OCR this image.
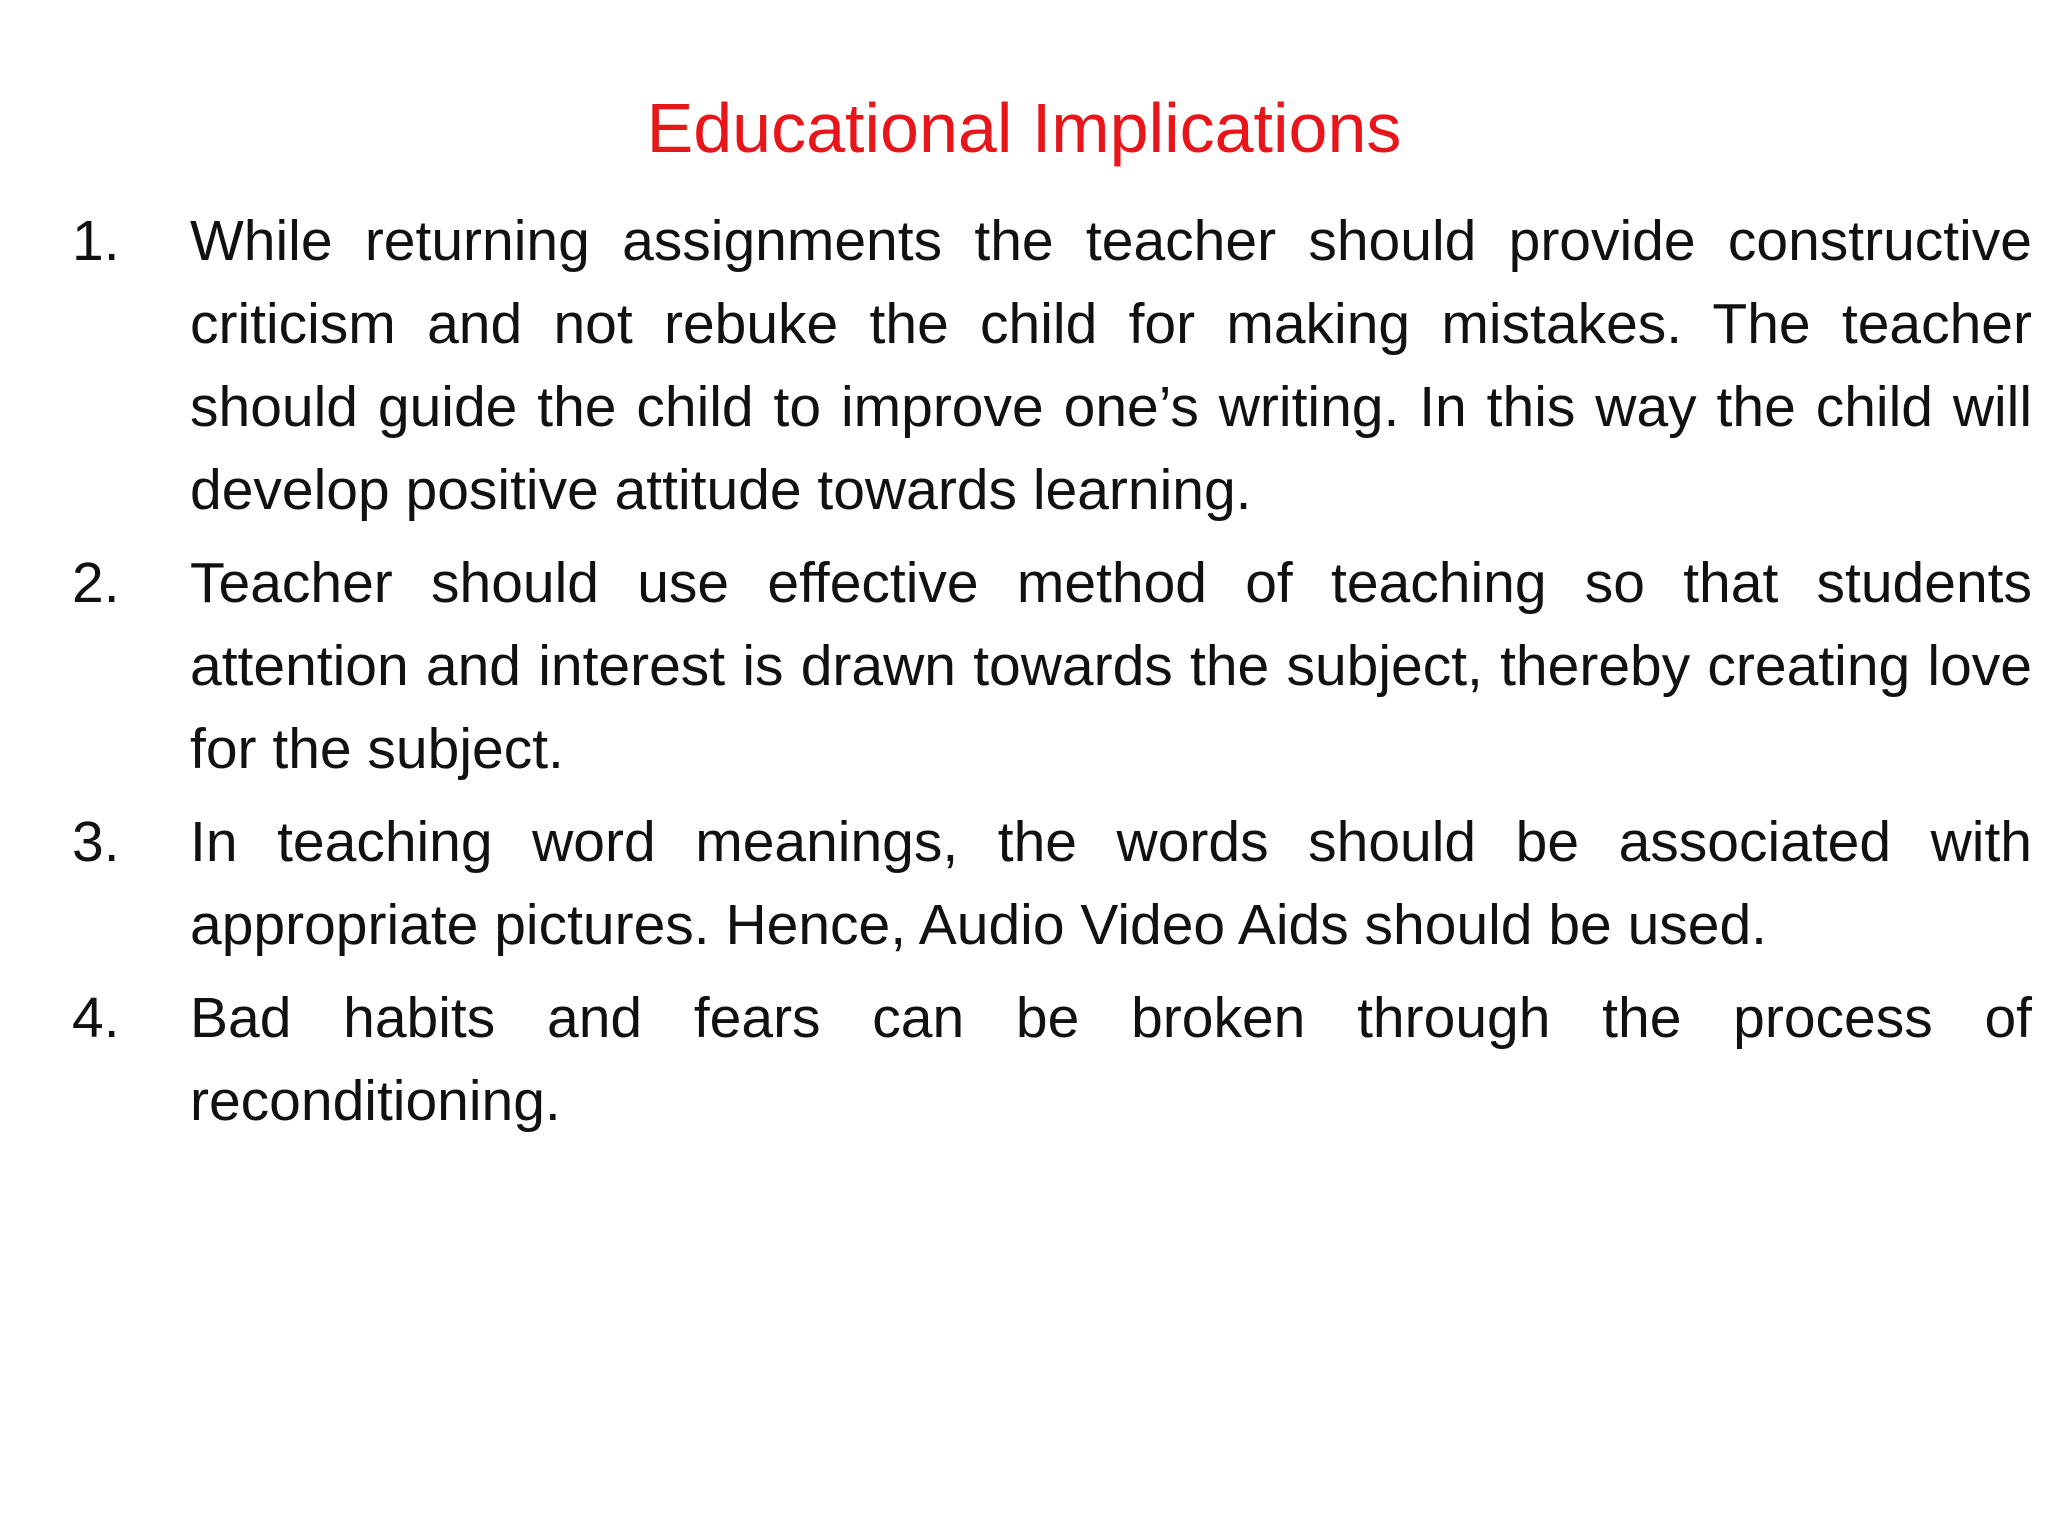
Educational Implications
1. While returning assignments the teacher should provide constructive criticism and not rebuke the child for making mistakes. The teacher should guide the child to improve one’s writing. In this way the child will develop positive attitude towards learning.
2. Teacher should use effective method of teaching so that students attention and interest is drawn towards the subject, thereby creating love for the subject.
3. In teaching word meanings, the words should be associated with appropriate pictures. Hence, Audio Video Aids should be used.
4. Bad habits and fears can be broken through the process of reconditioning.
